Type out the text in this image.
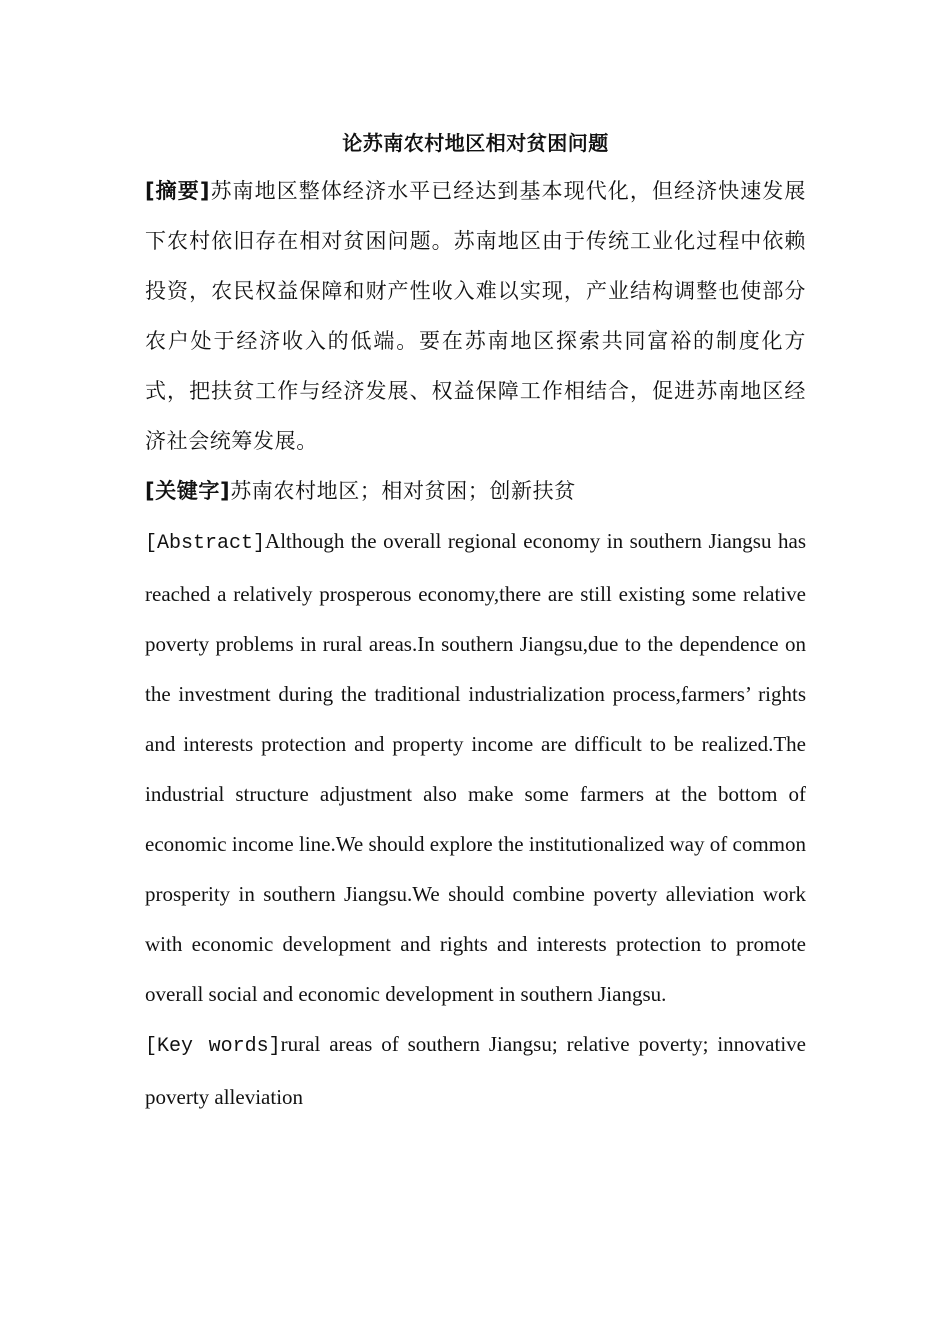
论苏南农村地区相对贫困问题

[摘要]苏南地区整体经济水平已经达到基本现代化，但经济快速发展下农村依旧存在相对贫困问题。苏南地区由于传统工业化过程中依赖投资，农民权益保障和财产性收入难以实现，产业结构调整也使部分农户处于经济收入的低端。要在苏南地区探索共同富裕的制度化方式，把扶贫工作与经济发展、权益保障工作相结合，促进苏南地区经济社会统筹发展。

[关键字]苏南农村地区；相对贫困；创新扶贫

[Abstract]Although the overall regional economy in southern Jiangsu has reached a relatively prosperous economy,there are still existing some relative poverty problems in rural areas.In southern Jiangsu,due to the dependence on the investment during the traditional industrialization process,farmers’ rights and interests protection and property income are difficult to be realized.The industrial structure adjustment also make some farmers at the bottom of economic income line.We should explore the institutionalized way of common prosperity in southern Jiangsu.We should combine poverty alleviation work with economic development and rights and interests protection to promote overall social and economic development in southern Jiangsu.

[Key words]rural areas of southern Jiangsu; relative poverty; innovative poverty alleviation
